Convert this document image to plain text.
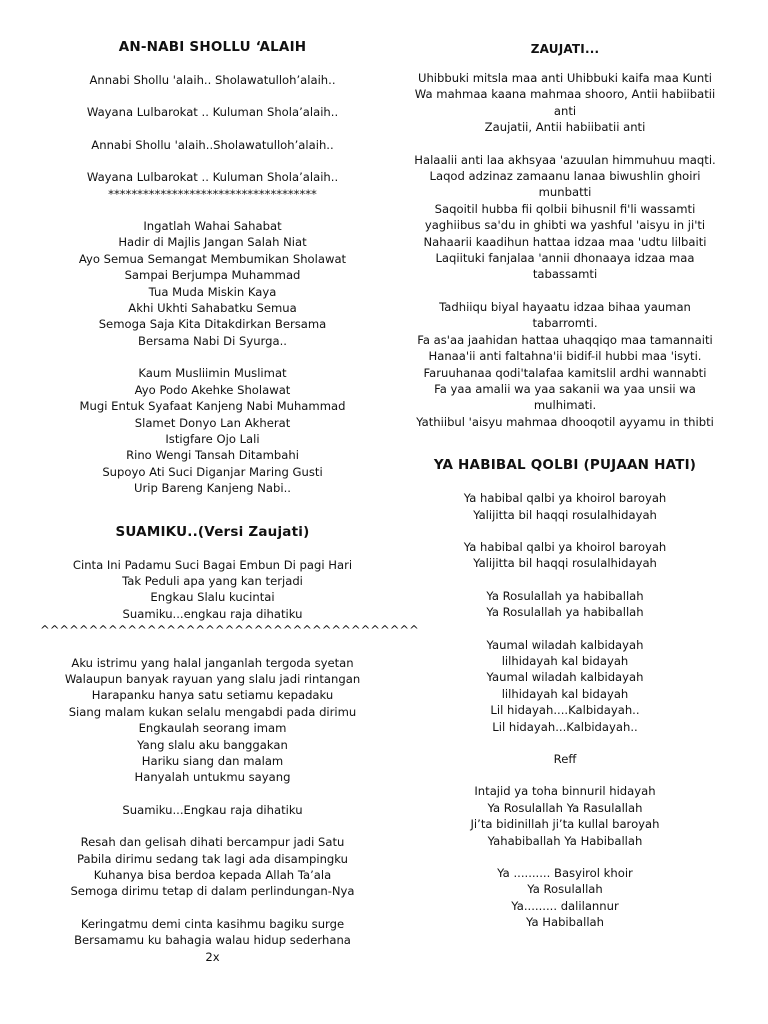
AN-NABI SHOLLU ‘ALAIH
Annabi Shollu 'alaih.. Sholawatulloh’alaih..
Wayana Lulbarokat .. Kuluman Shola’alaih..
Annabi Shollu 'alaih..Sholawatulloh’alaih..
Wayana Lulbarokat .. Kuluman Shola’alaih..
************************************
Ingatlah Wahai Sahabat
Hadir di Majlis Jangan Salah Niat
Ayo Semua Semangat Membumikan Sholawat
Sampai Berjumpa Muhammad
Tua Muda Miskin Kaya
Akhi Ukhti Sahabatku Semua
Semoga Saja Kita Ditakdirkan Bersama
Bersama Nabi Di Syurga..
Kaum Musliimin Muslimat
Ayo Podo Akehke Sholawat
Mugi Entuk Syafaat Kanjeng Nabi Muhammad
Slamet Donyo Lan Akherat
Istigfare Ojo Lali
Rino Wengi Tansah Ditambahi
Supoyo Ati Suci Diganjar Maring Gusti
Urip Bareng Kanjeng Nabi..
SUAMIKU..(Versi Zaujati)
Cinta Ini Padamu Suci Bagai Embun Di pagi Hari
Tak Peduli apa yang kan terjadi
Engkau Slalu kucintai
Suamiku...engkau raja dihatiku
^^^^^^^^^^^^^^^^^^^^^^^^^^^^^^^^^^^^^^^
Aku istrimu yang halal janganlah tergoda syetan
Walaupun banyak rayuan yang slalu jadi rintangan
Harapanku hanya satu setiamu kepadaku
Siang malam kukan selalu mengabdi pada dirimu
Engkaulah seorang imam
Yang slalu aku banggakan
Hariku siang dan malam
Hanyalah untukmu sayang
Suamiku...Engkau raja dihatiku
Resah dan gelisah dihati bercampur jadi Satu
Pabila dirimu sedang tak lagi ada disampingku
Kuhanya bisa berdoa kepada Allah Ta’ala
Semoga dirimu tetap di dalam perlindungan-Nya
Keringatmu demi cinta kasihmu bagiku surge
Bersamamu ku bahagia walau hidup sederhana
2x
ZAUJATI...
Uhibbuki mitsla maa anti Uhibbuki kaifa maa Kunti
Wa mahmaa kaana mahmaa shooro, Antii habiibatii
anti
Zaujatii, Antii habiibatii anti
Halaalii anti laa akhsyaa 'azuulan himmuhuu maqti.
Laqod adzinaz zamaanu lanaa biwushlin ghoiri
munbatti
Saqoitil hubba fii qolbii bihusnil fi'li wassamti
yaghiibus sa'du in ghibti wa yashful 'aisyu in ji'ti
Nahaarii kaadihun hattaa idzaa maa 'udtu lilbaiti
Laqiituki fanjalaa 'annii dhonaaya idzaa maa
tabassamti
Tadhiiqu biyal hayaatu idzaa bihaa yauman
tabarromti.
Fa as'aa jaahidan hattaa uhaqqiqo maa tamannaiti
Hanaa'ii anti faltahna'ii bidif-il hubbi maa 'isyti.
Faruuhanaa qodi'talafaa kamitslil ardhi wannabti
Fa yaa amalii wa yaa sakanii wa yaa unsii wa
mulhimati.
Yathiibul 'aisyu mahmaa dhooqotil ayyamu in thibti
YA HABIBAL QOLBI (PUJAAN HATI)
Ya habibal qalbi ya khoirol baroyah
Yalijitta bil haqqi rosulalhidayah
Ya habibal qalbi ya khoirol baroyah
Yalijitta bil haqqi rosulalhidayah
Ya Rosulallah ya habiballah
Ya Rosulallah ya habiballah
Yaumal wiladah kalbidayah
lilhidayah kal bidayah
Yaumal wiladah kalbidayah
lilhidayah kal bidayah
Lil hidayah....Kalbidayah..
Lil hidayah...Kalbidayah..
Reff
Intajid ya toha binnuril hidayah
Ya Rosulallah Ya Rasulallah
Ji’ta bidinillah ji’ta kullal baroyah
Yahabiballah Ya Habiballah
Ya .......... Basyirol khoir
Ya Rosulallah
Ya......... dalilannur
Ya Habiballah
